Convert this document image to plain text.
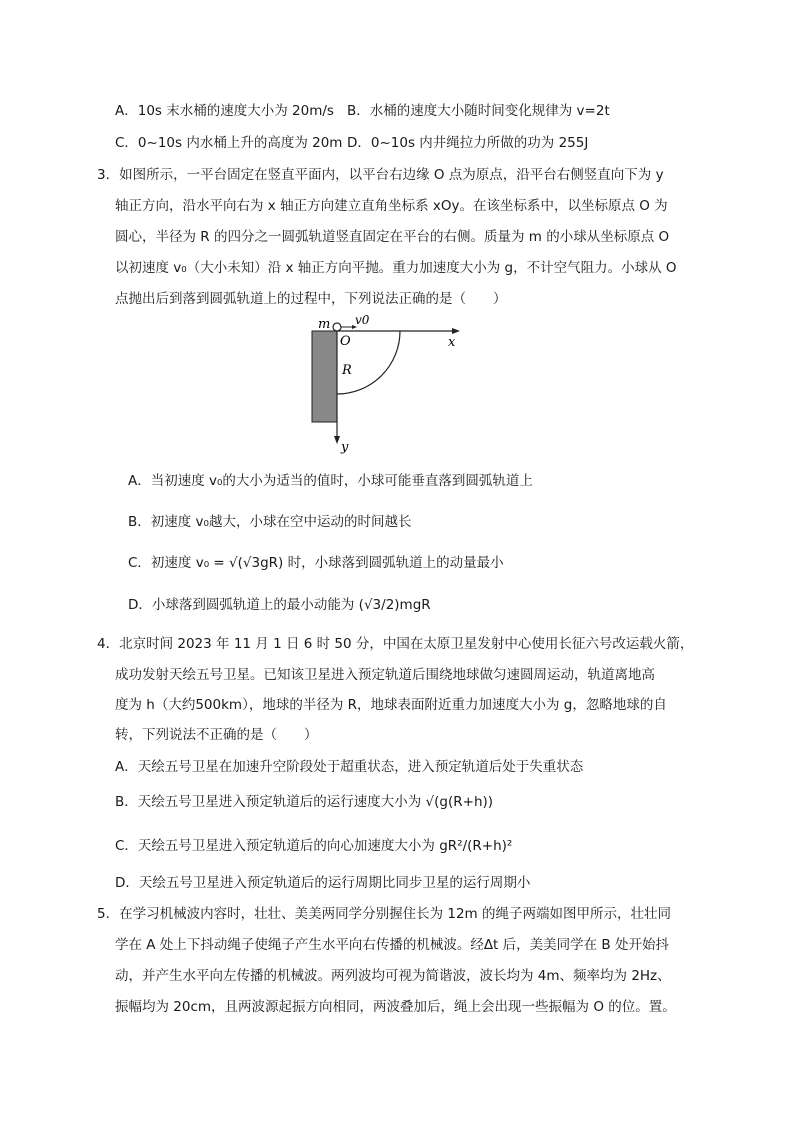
A．10s 末水桶的速度大小为 20m/s B．水桶的速度大小随时间变化规律为 v=2t
C．0~10s 内水桶上升的高度为 20m D．0~10s 内井绳拉力所做的功为 255J
3．如图所示，一平台固定在竖直平面内，以平台右边缘 O 点为原点，沿平台右侧竖直向下为 y
轴正方向，沿水平向右为 x 轴正方向建立直角坐标系 xOy。在该坐标系中，以坐标原点 O 为
圆心，半径为 R 的四分之一圆弧轨道竖直固定在平台的右侧。质量为 m 的小球从坐标原点 O
以初速度 v₀（大小未知）沿 x 轴正方向平抛。重力加速度大小为 g，不计空气阻力。小球从 O
点抛出后到落到圆弧轨道上的过程中，下列说法正确的是（　　）
m v0
O	x
R
y
A．当初速度 v₀的大小为适当的值时，小球可能垂直落到圆弧轨道上
B．初速度 v₀越大，小球在空中运动的时间越长
C．初速度 v₀ = √(√3gR) 时，小球落到圆弧轨道上的动量最小
D．小球落到圆弧轨道上的最小动能为 (√3/2)mgR
4．北京时间 2023 年 11 月 1 日 6 时 50 分，中国在太原卫星发射中心使用长征六号改运载火箭，
成功发射天绘五号卫星。已知该卫星进入预定轨道后围绕地球做匀速圆周运动，轨道离地高
度为 h（大约500km），地球的半径为 R，地球表面附近重力加速度大小为 g，忽略地球的自
转，下列说法不正确的是（　　）
A．天绘五号卫星在加速升空阶段处于超重状态，进入预定轨道后处于失重状态
B．天绘五号卫星进入预定轨道后的运行速度大小为 √(g(R+h))
C．天绘五号卫星进入预定轨道后的向心加速度大小为 gR²/(R+h)²
D．天绘五号卫星进入预定轨道后的运行周期比同步卫星的运行周期小
5．在学习机械波内容时，壮壮、美美两同学分别握住长为 12m 的绳子两端如图甲所示，壮壮同
学在 A 处上下抖动绳子使绳子产生水平向右传播的机械波。经Δt 后，美美同学在 B 处开始抖
动，并产生水平向左传播的机械波。两列波均可视为简谐波，波长均为 4m、频率均为 2Hz、
振幅均为 20cm，且两波源起振方向相同，两波叠加后，绳上会出现一些振幅为 O 的位。置。
